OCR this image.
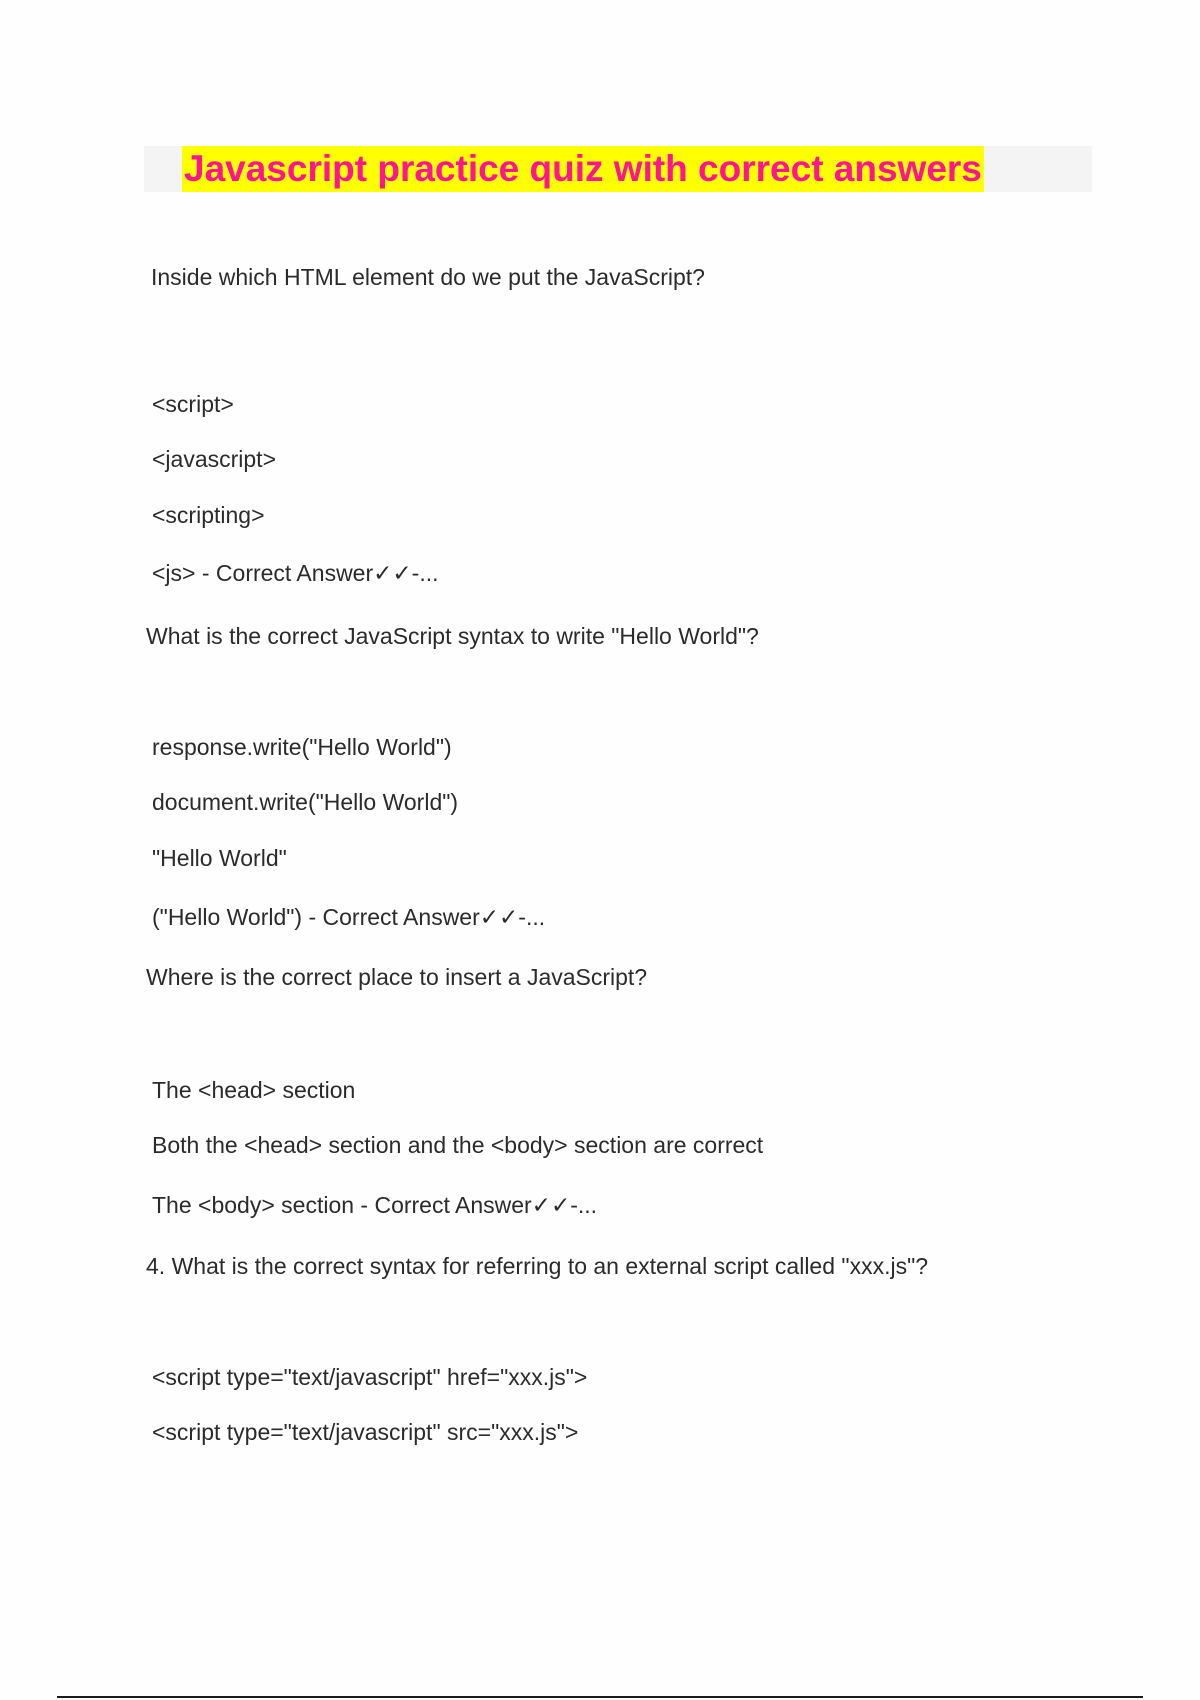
Javascript practice quiz with correct answers
Inside which HTML element do we put the JavaScript?
<script>
<javascript>
<scripting>
<js> - Correct Answer✓✓-...
What is the correct JavaScript syntax to write "Hello World"?
response.write("Hello World")
document.write("Hello World")
"Hello World"
("Hello World") - Correct Answer✓✓-...
Where is the correct place to insert a JavaScript?
The <head> section
Both the <head> section and the <body> section are correct
The <body> section - Correct Answer✓✓-...
4. What is the correct syntax for referring to an external script called "xxx.js"?
<script type="text/javascript" href="xxx.js">
<script type="text/javascript" src="xxx.js">
